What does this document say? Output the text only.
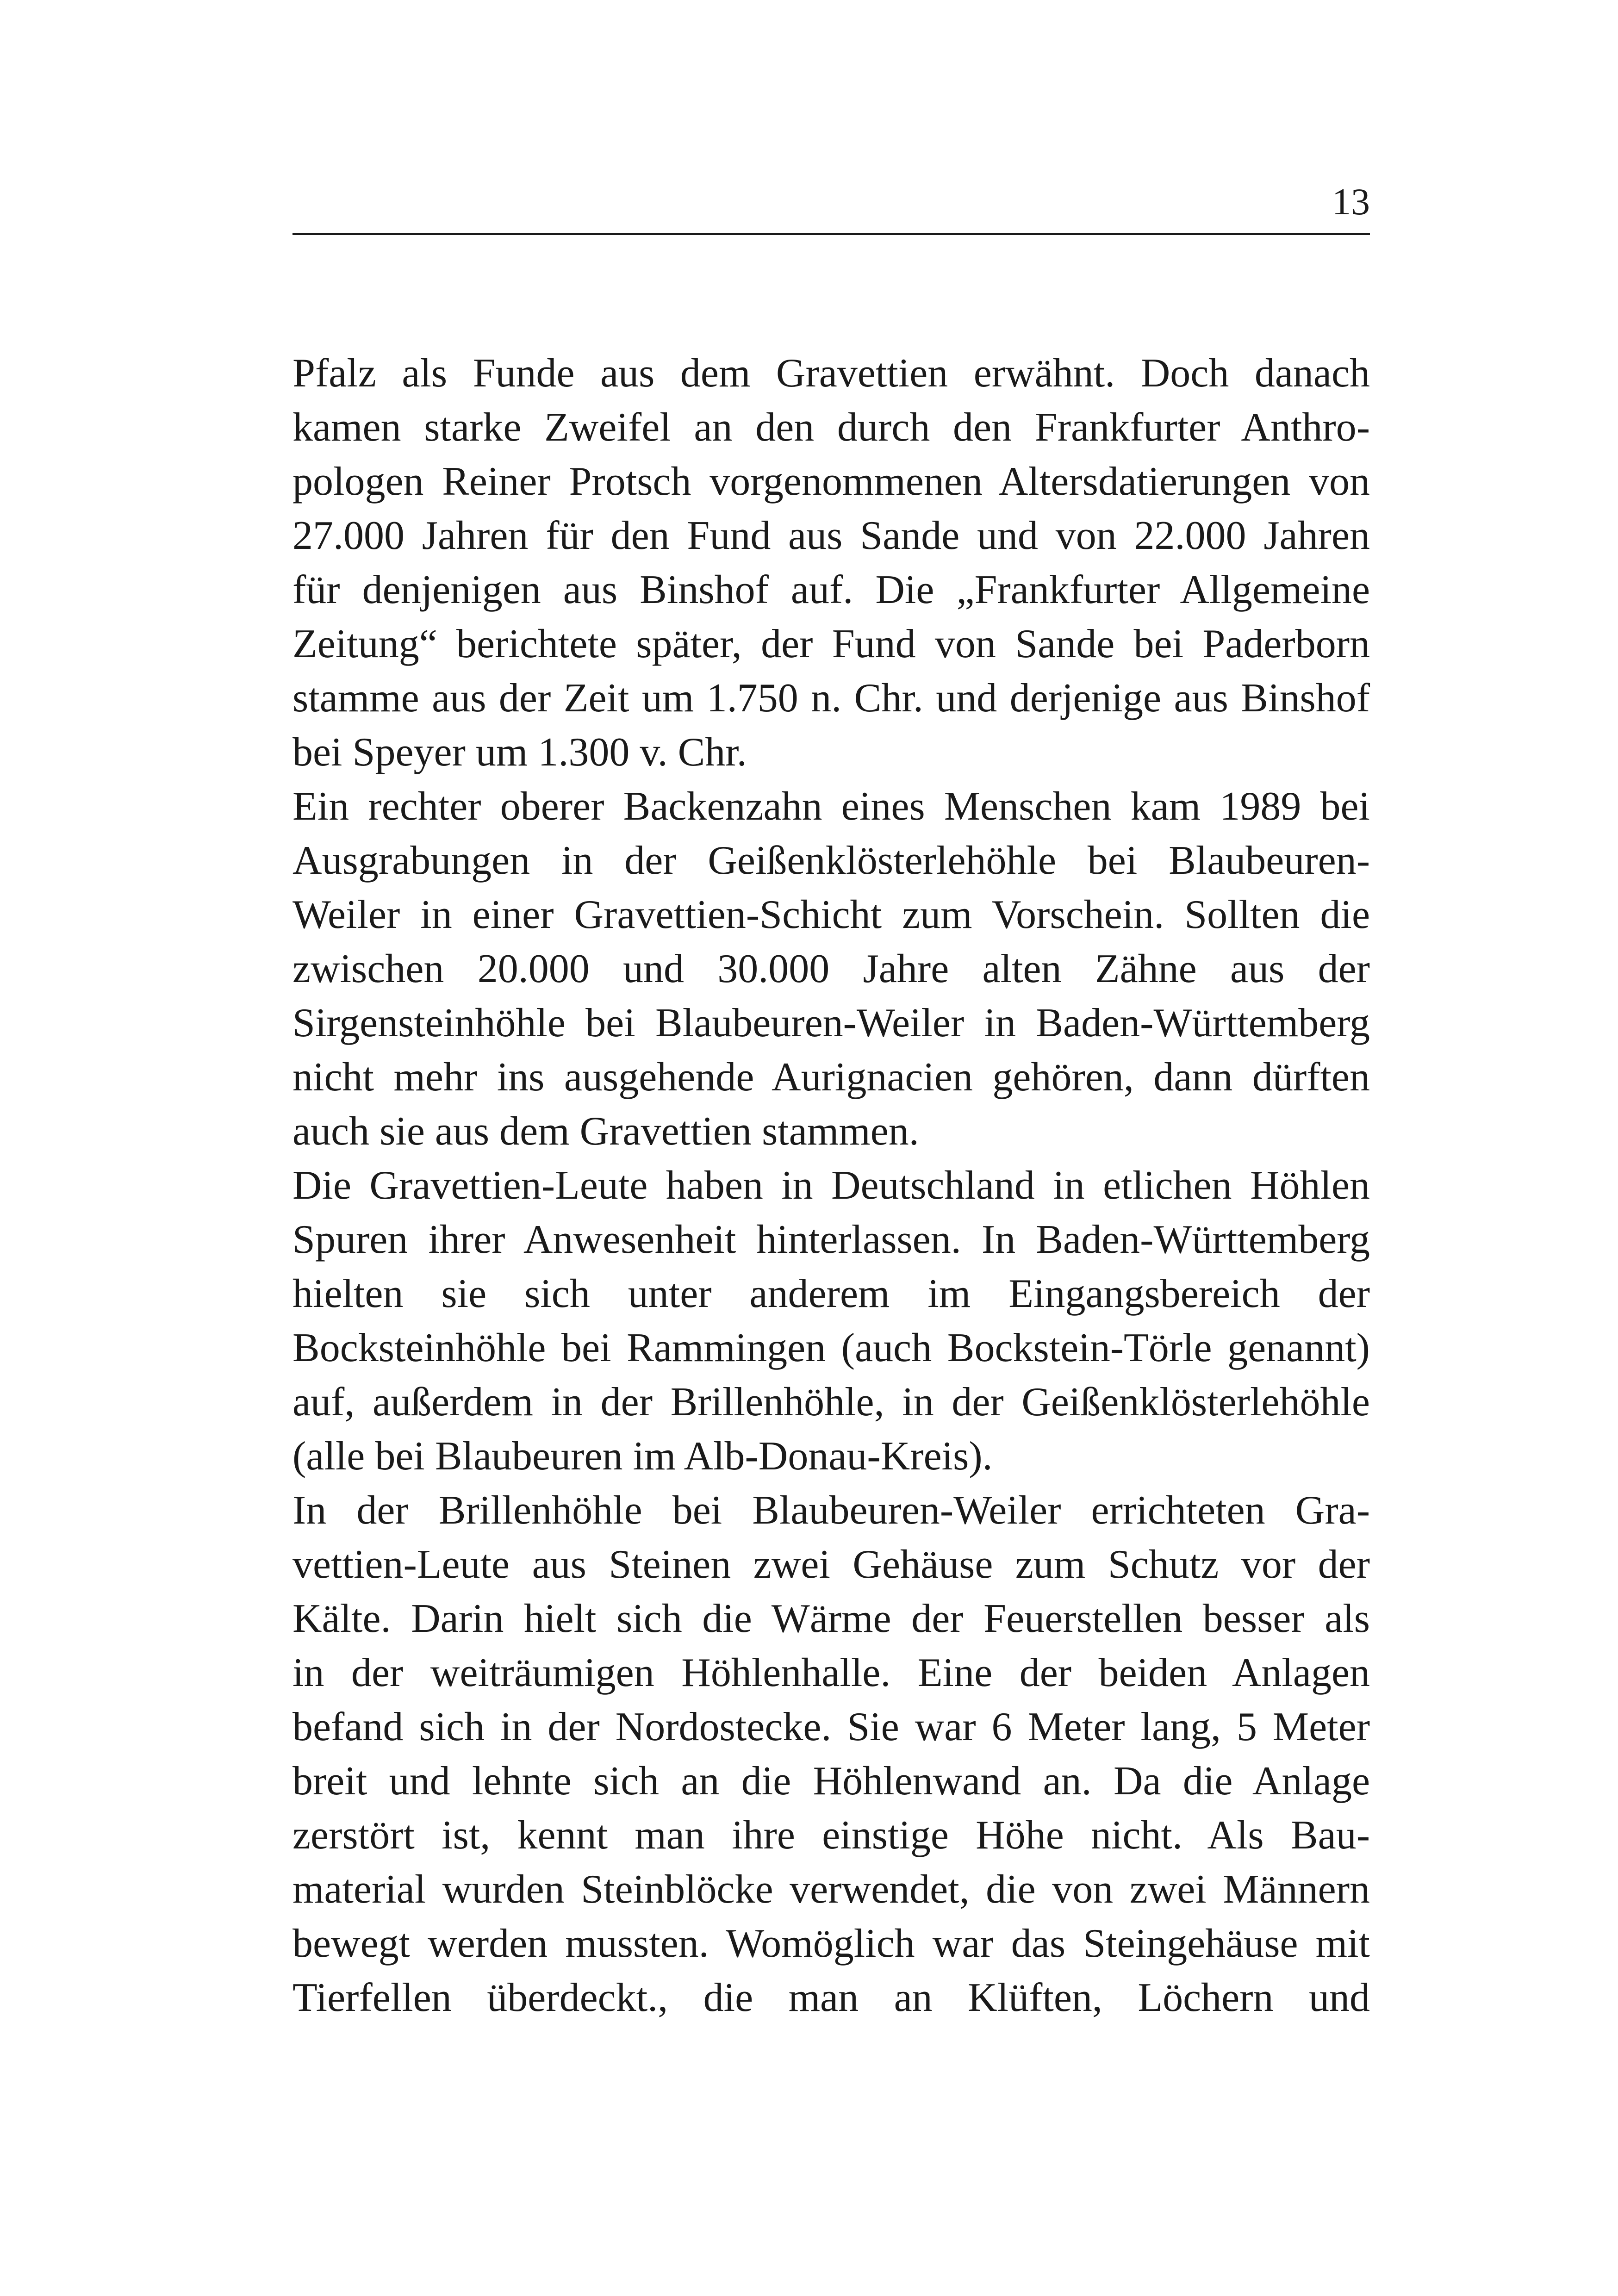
13
Pfalz als Funde aus dem Gravettien erwähnt. Doch danach
kamen starke Zweifel an den durch den Frankfurter Anthro-
pologen Reiner Protsch vorgenommenen Altersdatierungen von
27.000 Jahren für den Fund aus Sande und von 22.000 Jahren
für denjenigen aus Binshof auf. Die „Frankfurter Allgemeine
Zeitung“ berichtete später, der Fund von Sande bei Paderborn
stamme aus der Zeit um 1.750 n. Chr. und derjenige aus Binshof
bei Speyer um 1.300 v. Chr.
Ein rechter oberer Backenzahn eines Menschen kam 1989 bei
Ausgrabungen in der Geißenklösterlehöhle bei Blaubeuren-
Weiler in einer Gravettien-Schicht zum Vorschein. Sollten die
zwischen 20.000 und 30.000 Jahre alten Zähne aus der
Sirgensteinhöhle bei Blaubeuren-Weiler in Baden-Württemberg
nicht mehr ins ausgehende Aurignacien gehören, dann dürften
auch sie aus dem Gravettien stammen.
Die Gravettien-Leute haben in Deutschland in etlichen Höhlen
Spuren ihrer Anwesenheit hinterlassen. In Baden-Württemberg
hielten sie sich unter anderem im Eingangsbereich der
Bocksteinhöhle bei Rammingen (auch Bockstein-Törle genannt)
auf, außerdem in der Brillenhöhle, in der Geißenklösterlehöhle
(alle bei Blaubeuren im Alb-Donau-Kreis).
In der Brillenhöhle bei Blaubeuren-Weiler errichteten Gra-
vettien-Leute aus Steinen zwei Gehäuse zum Schutz vor der
Kälte. Darin hielt sich die Wärme der Feuerstellen besser als
in der weiträumigen Höhlenhalle. Eine der beiden Anlagen
befand sich in der Nordostecke. Sie war 6 Meter lang, 5 Meter
breit und lehnte sich an die Höhlenwand an. Da die Anlage
zerstört ist, kennt man ihre einstige Höhe nicht. Als Bau-
material wurden Steinblöcke verwendet, die von zwei Männern
bewegt werden mussten. Womöglich war das Steingehäuse mit
Tierfellen überdeckt., die man an Klüften, Löchern und
